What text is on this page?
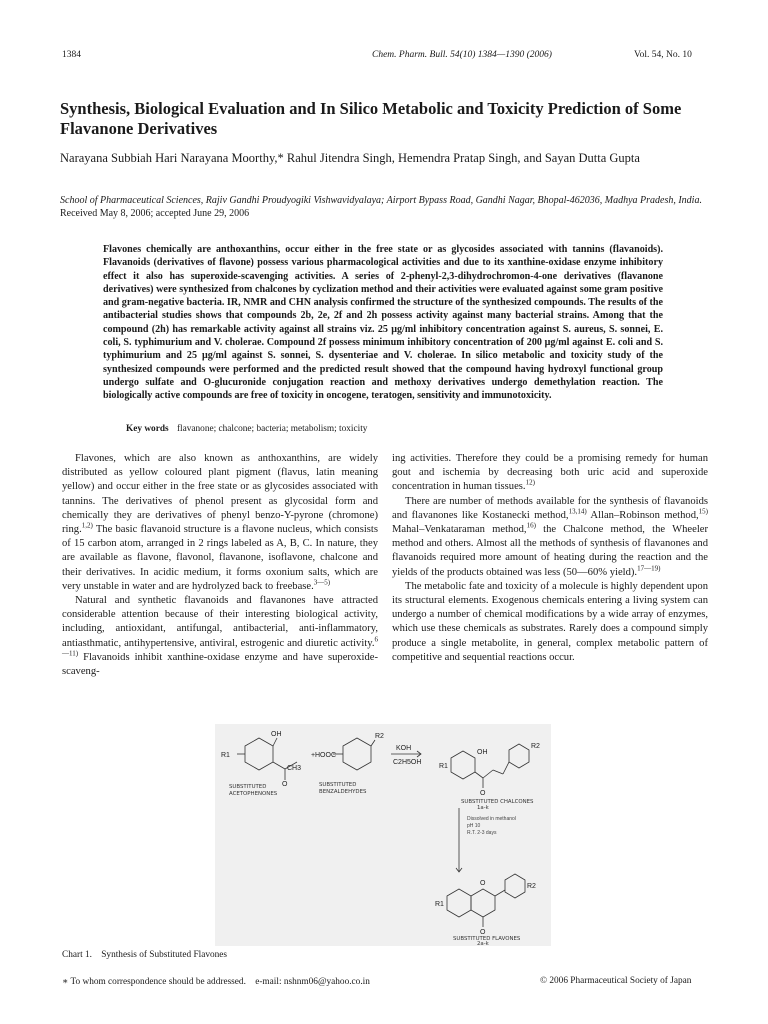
1384	Chem. Pharm. Bull. 54(10) 1384—1390 (2006)	Vol. 54, No. 10
Synthesis, Biological Evaluation and In Silico Metabolic and Toxicity Prediction of Some Flavanone Derivatives
Narayana Subbiah Hari Narayana Moorthy,* Rahul Jitendra Singh, Hemendra Pratap Singh, and Sayan Dutta Gupta
School of Pharmaceutical Sciences, Rajiv Gandhi Proudyogiki Vishwavidyalaya; Airport Bypass Road, Gandhi Nagar, Bhopal-462036, Madhya Pradesh, India.   Received May 8, 2006; accepted June 29, 2006
Flavones chemically are anthoxanthins, occur either in the free state or as glycosides associated with tannins (flavanoids). Flavanoids (derivatives of flavone) possess various pharmacological activities and due to its xanthine-oxidase enzyme inhibitory effect it also has superoxide-scavenging activities. A series of 2-phenyl-2,3-dihydrochromon-4-one derivatives (flavanone derivatives) were synthesized from chalcones by cyclization method and their activities were evaluated against some gram positive and gram-negative bacteria. IR, NMR and CHN analysis confirmed the structure of the synthesized compounds. The results of the antibacterial studies shows that compounds 2b, 2e, 2f and 2h possess activity against many bacterial strains. Among that the compound (2h) has remarkable activity against all strains viz. 25 μg/ml inhibitory concentration against S. aureus, S. sonnei, E. coli, S. typhimurium and V. cholerae. Compound 2f possess minimum inhibitory concentration of 200 μg/ml against E. coli and S. typhimurium and 25 μg/ml against S. sonnei, S. dysenteriae and V. cholerae. In silico metabolic and toxicity study of the synthesized compounds were performed and the predicted result showed that the compound having hydroxyl functional group undergo sulfate and O-glucuronide conjugation reaction and methoxy derivatives undergo demethylation reaction. The biologically active compounds are free of toxicity in oncogene, teratogen, sensitivity and immunotoxicity.
Key words flavanone; chalcone; bacteria; metabolism; toxicity

Flavones, which are also known as anthoxanthins, are widely distributed as yellow coloured plant pigment (flavus, latin meaning yellow) and occur either in the free state or as glycosides associated with tannins. The derivatives of phenol present as glycosidal form and chemically they are derivatives of phenyl benzo-Y-pyrone (chromone) ring.$^{1,2)}$ The basic flavanoid structure is a flavone nucleus, which consists of 15 carbon atom, arranged in 2 rings labeled as A, B, C. In nature, they are available as flavone, flavonol, flavanone, isoflavone, chalcone and their derivatives. In acidic medium, it forms oxonium salts, which are very unstable in water and are hydrolyzed back to freebase.$^{3—5)}$

Natural and synthetic flavanoids and flavanones have attracted considerable attention because of their interesting biological activity, including, antioxidant, antifungal, antibacterial, anti-inflammatory, antiasthmatic, antihypertensive, antiviral, estrogenic and diuretic activity.$^{6—11)}$ Flavanoids inhibit xanthine-oxidase enzyme and have superoxide-scaveng-

ing activities. Therefore they could be a promising remedy for human gout and ischemia by decreasing both uric acid and superoxide concentration in human tissues.$^{12)}$

There are number of methods available for the synthesis of flavanoids and flavanones like Kostanecki method,$^{13,14)}$ Allan–Robinson method,$^{15)}$ Mahal–Venkataraman method,$^{16)}$ the Chalcone method, the Wheeler method and others. Almost all the methods of synthesis of flavanones and flavanoids required more amount of heating during the reaction and the yields of the products obtained was less (50—60% yield).$^{17—19)}$

The metabolic fate and toxicity of a molecule is highly dependent upon its structural elements. Exogenous chemicals entering a living system can undergo a number of chemical modifications by a wide array of enzymes, which use these chemicals as substrates. Rarely does a compound simply produce a single metabolite, in general, complex metabolic pattern of competitive and sequential reactions occur.

OH
CH3
O
R1	+ HOOC
R2
KOH
C2H5OH
SUBSTITUTED
ACETOPHENONES
SUBSTITUTED
BENZALDEHYDES
R1
OH
O
R2
SUBSTITUTED CHALCONES
1a-k
Dissolved in methanol
pH 10
R.T. 2-3 days
R1
O
O
R2
SUBSTITUTED FLAVONES
2a-k
Chart 1.    Synthesis of Substituted Flavones
∗ To whom correspondence should be addressed.    e-mail: nshnm06@yahoo.co.in	© 2006 Pharmaceutical Society of Japan
